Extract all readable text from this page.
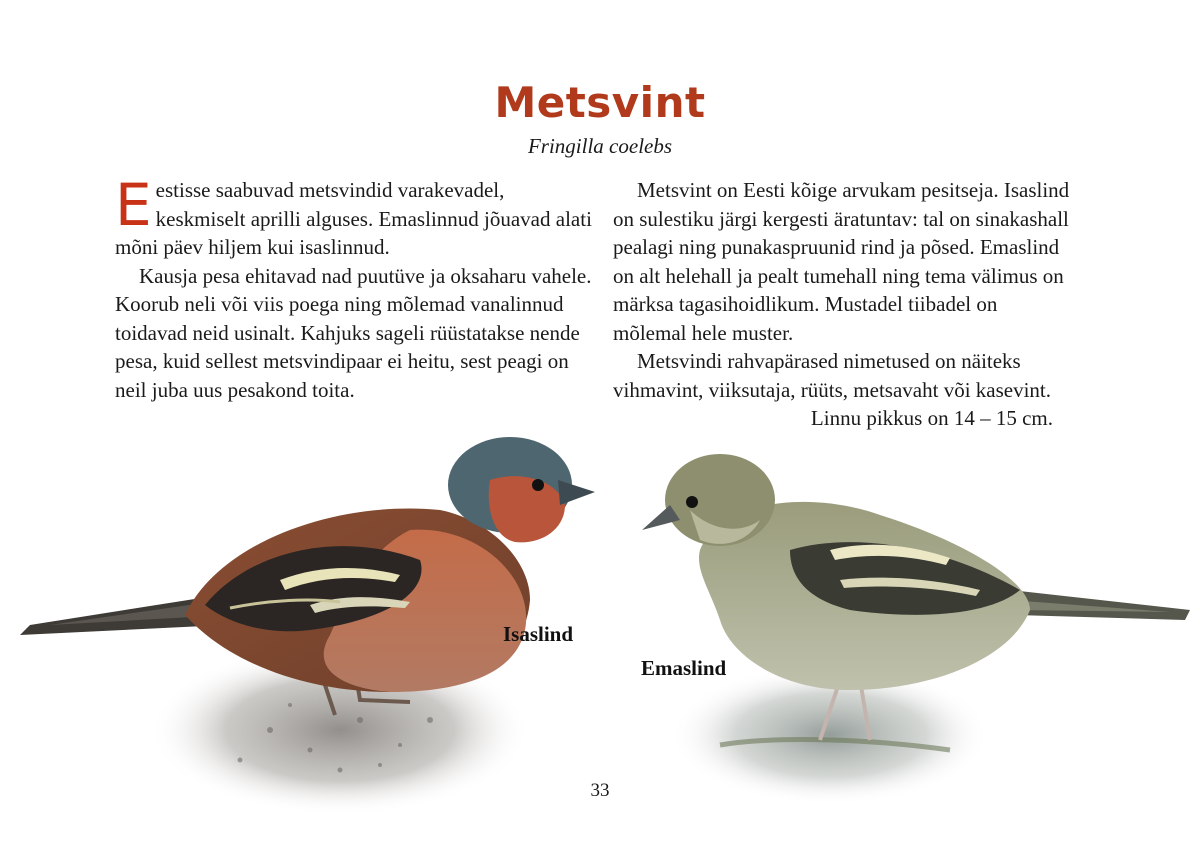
Metsvint
Fringilla coelebs

Eestisse saabuvad metsvindid varakevadel, keskmiselt aprilli alguses. Emaslinnud jõuavad alati mõni päev hiljem kui isaslinnud.

Kausja pesa ehitavad nad puutüve ja oksaharu vahele. Koorub neli või viis poega ning mõlemad vanalinnud toidavad neid usinalt. Kahjuks sageli rüüstatakse nende pesa, kuid sellest metsvindipaar ei heitu, sest peagi on neil juba uus pesakond toita.

Metsvint on Eesti kõige arvukam pesitseja. Isaslind on sulestiku järgi kergesti äratuntav: tal on sinakashall pealagi ning punakaspruunid rind ja põsed. Emaslind on alt helehall ja pealt tumehall ning tema välimus on märksa tagasihoidlikum. Mustadel tiibadel on mõlemal hele muster.

Metsvindi rahvapärased nimetused on näiteks vihmavint, viiksutaja, rüüts, metsavaht või kasevint.

Linnu pikkus on 14 – 15 cm.

Isaslind
Emaslind
33
